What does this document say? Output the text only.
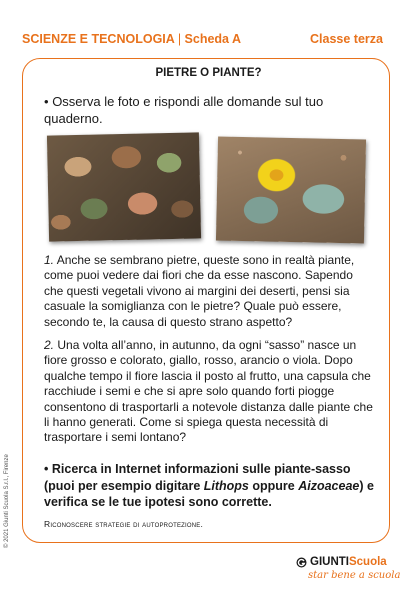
SCIENZE E TECNOLOGIA | Scheda A	Classe terza
PIETRE O PIANTE?
• Osserva le foto e rispondi alle domande sul tuo quaderno.
1. Anche se sembrano pietre, queste sono in realtà piante, come puoi vedere dai fiori che da esse nascono. Sapendo che questi vegetali vivono ai margini dei deserti, pensi sia casuale la somiglianza con le pietre? Quale può essere, secondo te, la causa di questo strano aspetto?
2. Una volta all’anno, in autunno, da ogni “sasso” nasce un fiore grosso e colorato, giallo, rosso, arancio o viola. Dopo qualche tempo il fiore lascia il posto al frutto, una capsula che racchiude i semi e che si apre solo quando forti piogge consentono di trasportarli a notevole distanza dalle piante che li hanno generati. Come si spiega questa necessità di trasportare i semi lontano?
• Ricerca in Internet informazioni sulle piante-sasso (puoi per esempio digitare Lithops oppure Aizoaceae) e verifica se le tue ipotesi sono corrette.
Riconoscere strategie di autoprotezione.
© 2021 Giunti Scuola S.r.l., Firenze
GIUNTIScuola
star bene a scuola
